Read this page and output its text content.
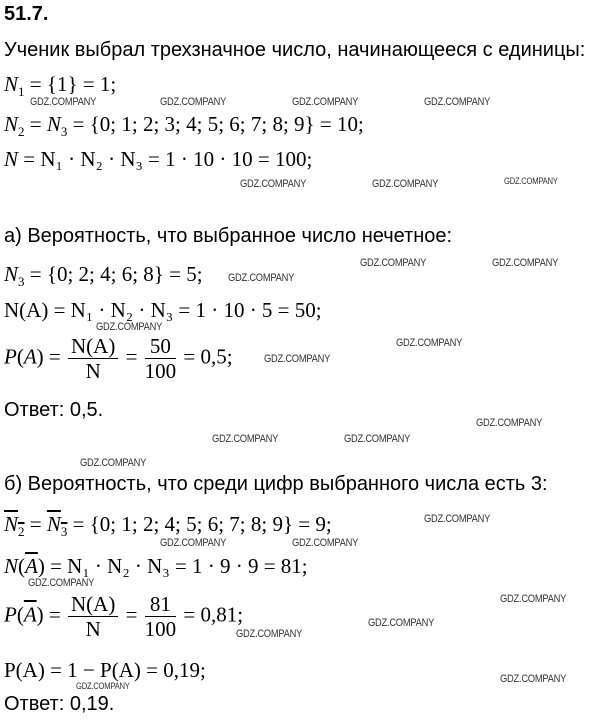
51.7.
Ученик выбрал трехзначное число, начинающееся с единицы:
$N_1 = \{1\} = 1$;
$N_2 = N_3 = \{0$; 1; 2; 3; 4; 5; 6; 7; 8; 9} = 10;
N = N₁ · N₂ · N₃ = 1 · 10 · 10 = 100;
а) Вероятность, что выбранное число нечетное:
$N_3 = \{0$; 2; 4; 6; 8} = 5;
N(A) = N₁ · N₂ · N₃ = 1 · 10 · 5 = 50;
$P(A) = \frac{N(A)}{N} = \frac{50}{100} = 0,5$;
Ответ: 0,5.
б) Вероятность, что среди цифр выбранного числа есть 3:
$N_2 = N_3 = \{0$; 1; 2; 4; 5; 6; 7; 8; 9} = 9;
$N(\overline{A}) = N_1 \cdot N_2 \cdot N_3 = 1 \cdot 9 \cdot 9 = 81$;
$P(\overline{A}) = \frac{N(A)}{N} = \frac{81}{100} = 0,81$;
P(A) = 1 − P(A) = 0,19;
Ответ: 0,19.
GDZ.COMPANY	GDZ.COMPANY	GDZ.COMPANY	GDZ.COMPANY
GDZ.COMPANY	GDZ.COMPANY	GDZ.COMPANY
GDZ.COMPANY
GDZ.COMPANY	GDZ.COMPANY
GDZ.COMPANY
GDZ.COMPANY
GDZ.COMPANY
GDZ.COMPANY
GDZ.COMPANY	GDZ.COMPANY
GDZ.COMPANY
GDZ.COMPANY
GDZ.COMPANY	GDZ.COMPANY
GDZ.COMPANY
GDZ.COMPANY
GDZ.COMPANY
GDZ.COMPANY
GDZ.COMPANY
GDZ.COMPANY
